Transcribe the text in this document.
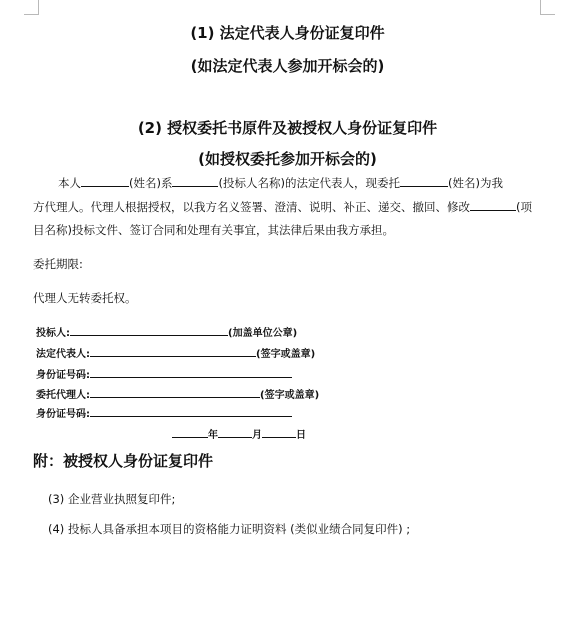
(1) 法定代表人身份证复印件
(如法定代表人参加开标会的)
(2) 授权委托书原件及被授权人身份证复印件
(如授权委托参加开标会的)
本人	(姓名)系	(投标人名称)的法定代表人，现委托	(姓名)为我
方代理人。代理人根据授权，以我方名义签署、澄清、说明、补正、递交、撤回、修改	(项
目名称)投标文件、签订合同和处理有关事宜，其法律后果由我方承担。
委托期限:
代理人无转委托权。
投标人:	(加盖单位公章)
法定代表人:	(签字或盖章)
身份证号码:
委托代理人:	(签字或盖章)
身份证号码:
年	月	日
附：被授权人身份证复印件
(3) 企业营业执照复印件;
(4) 投标人具备承担本项目的资格能力证明资料 (类似业绩合同复印件) ;
